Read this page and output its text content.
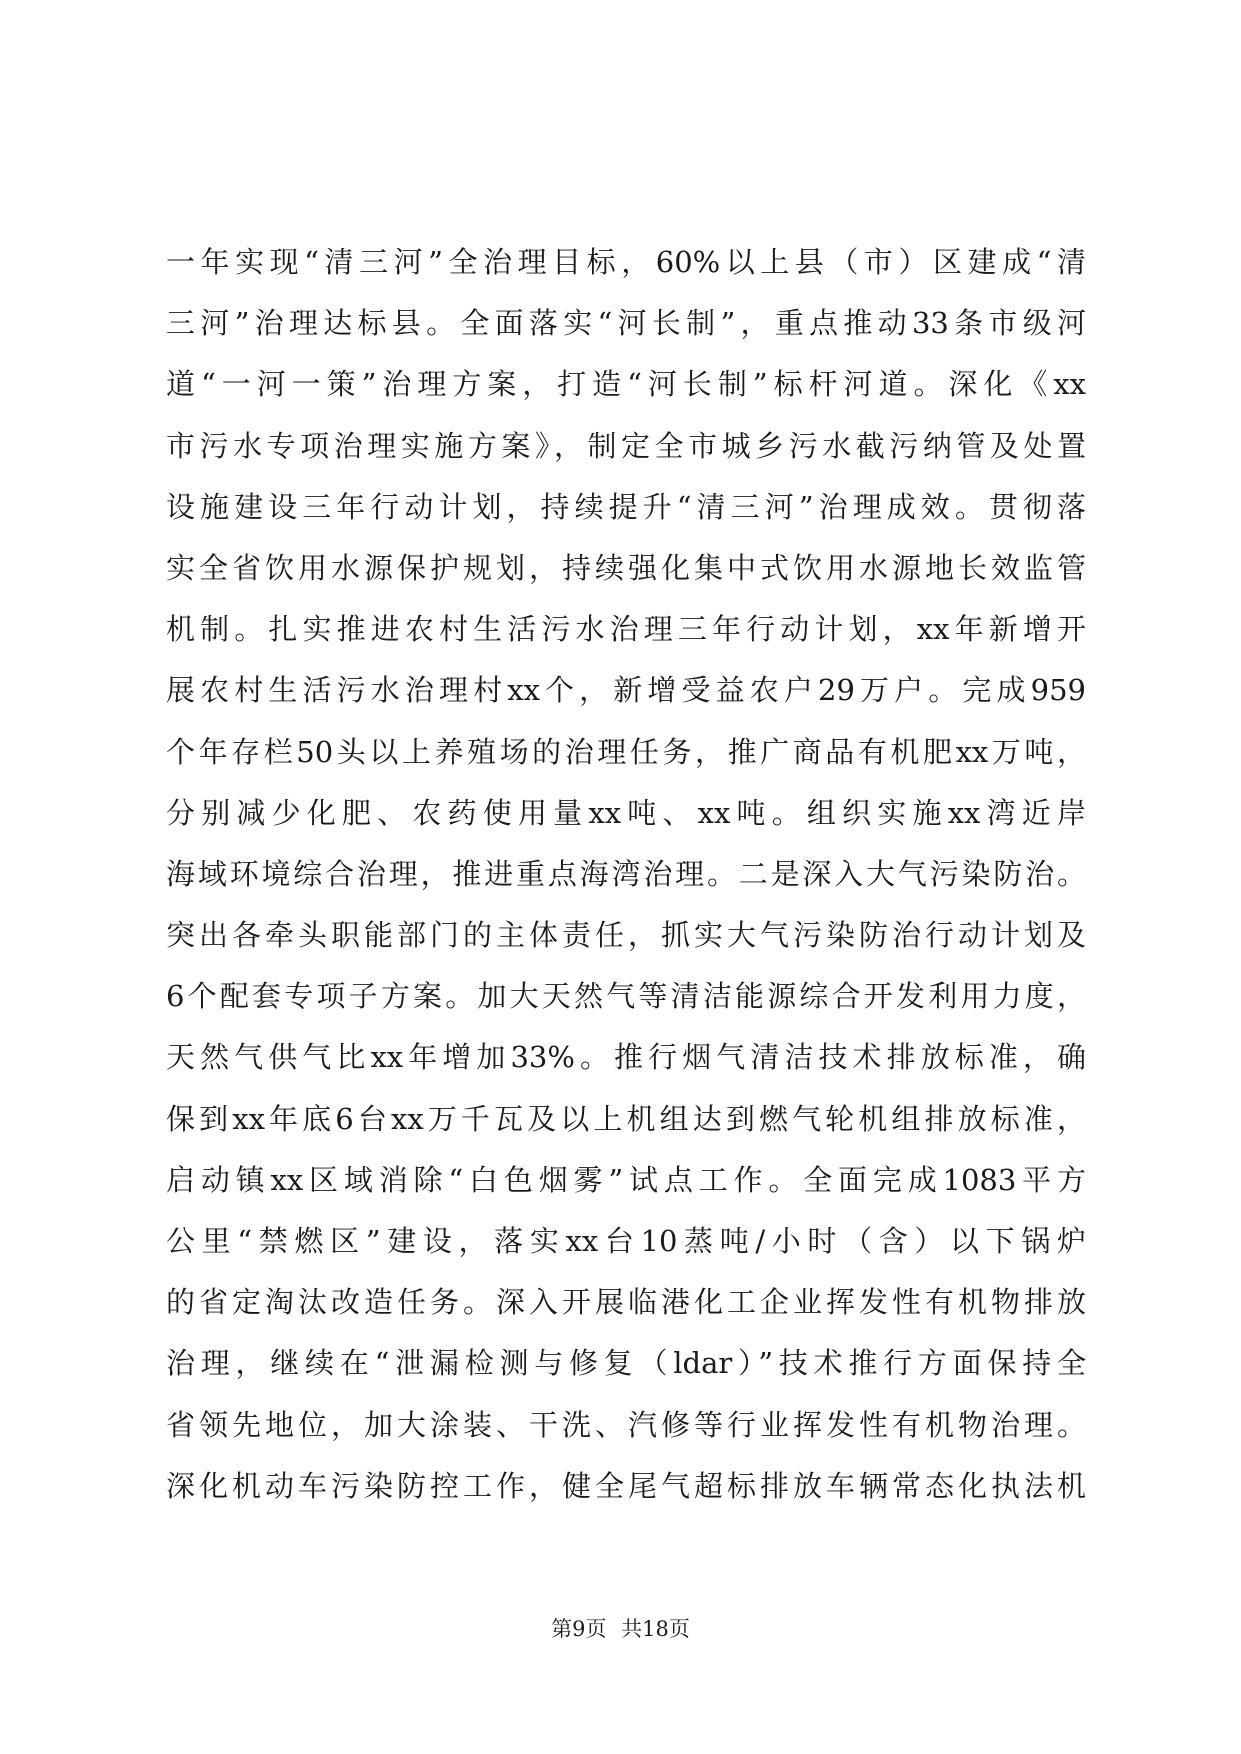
一年实现“清三河”全治理目标，60%以上县（市）区建成“清
三河”治理达标县。全面落实“河长制”，重点推动33条市级河
道“一河一策”治理方案，打造“河长制”标杆河道。深化《xx
市污水专项治理实施方案》，制定全市城乡污水截污纳管及处置
设施建设三年行动计划，持续提升“清三河”治理成效。贯彻落
实全省饮用水源保护规划，持续强化集中式饮用水源地长效监管
机制。扎实推进农村生活污水治理三年行动计划，xx年新增开
展农村生活污水治理村xx个，新增受益农户29万户。完成959
个年存栏50头以上养殖场的治理任务，推广商品有机肥xx万吨，
分别减少化肥、农药使用量xx吨、xx吨。组织实施xx湾近岸
海域环境综合治理，推进重点海湾治理。二是深入大气污染防治。
突出各牵头职能部门的主体责任，抓实大气污染防治行动计划及
6个配套专项子方案。加大天然气等清洁能源综合开发利用力度，
天然气供气比xx年增加33%。推行烟气清洁技术排放标准，确
保到xx年底6台xx万千瓦及以上机组达到燃气轮机组排放标准，
启动镇xx区域消除“白色烟雾”试点工作。全面完成1083平方
公里“禁燃区”建设，落实xx台10蒸吨/小时（含）以下锅炉
的省定淘汰改造任务。深入开展临港化工企业挥发性有机物排放
治理，继续在“泄漏检测与修复（ldar）”技术推行方面保持全
省领先地位，加大涂装、干洗、汽修等行业挥发性有机物治理。
深化机动车污染防控工作，健全尾气超标排放车辆常态化执法机
第9页 共18页
